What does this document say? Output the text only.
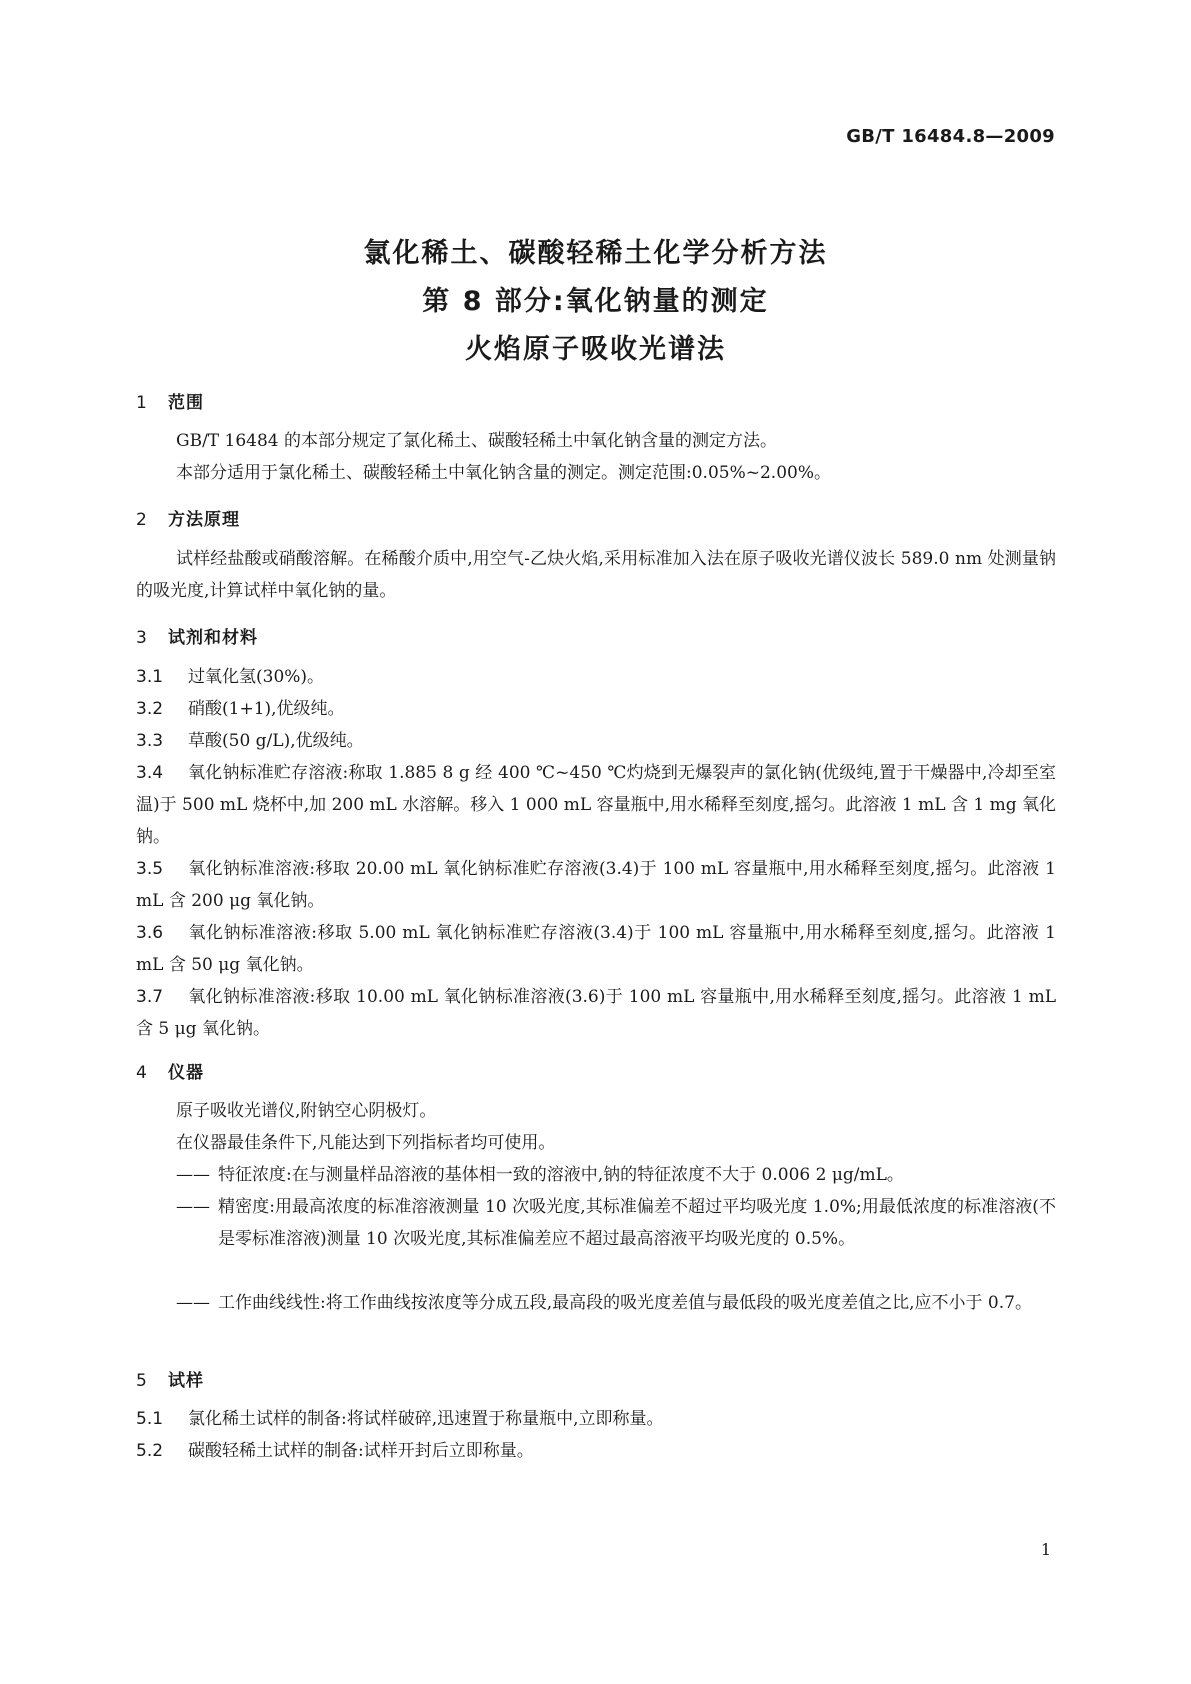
GB/T 16484.8—2009
氯化稀土、碳酸轻稀土化学分析方法
第 8 部分:氧化钠量的测定
火焰原子吸收光谱法
1 范围
GB/T 16484 的本部分规定了氯化稀土、碳酸轻稀土中氧化钠含量的测定方法。
本部分适用于氯化稀土、碳酸轻稀土中氧化钠含量的测定。测定范围:0.05%~2.00%。
2 方法原理
试样经盐酸或硝酸溶解。在稀酸介质中,用空气-乙炔火焰,采用标准加入法在原子吸收光谱仪波长 589.0 nm 处测量钠的吸光度,计算试样中氧化钠的量。
3 试剂和材料
3.1 过氧化氢(30%)。
3.2 硝酸(1+1),优级纯。
3.3 草酸(50 g/L),优级纯。
3.4 氧化钠标准贮存溶液:称取 1.885 8 g 经 400 ℃~450 ℃灼烧到无爆裂声的氯化钠(优级纯,置于干燥器中,冷却至室温)于 500 mL 烧杯中,加 200 mL 水溶解。移入 1 000 mL 容量瓶中,用水稀释至刻度,摇匀。此溶液 1 mL 含 1 mg 氧化钠。
3.5 氧化钠标准溶液:移取 20.00 mL 氧化钠标准贮存溶液(3.4)于 100 mL 容量瓶中,用水稀释至刻度,摇匀。此溶液 1 mL 含 200 μg 氧化钠。
3.6 氧化钠标准溶液:移取 5.00 mL 氧化钠标准贮存溶液(3.4)于 100 mL 容量瓶中,用水稀释至刻度,摇匀。此溶液 1 mL 含 50 μg 氧化钠。
3.7 氧化钠标准溶液:移取 10.00 mL 氧化钠标准溶液(3.6)于 100 mL 容量瓶中,用水稀释至刻度,摇匀。此溶液 1 mL 含 5 μg 氧化钠。
4 仪器
原子吸收光谱仪,附钠空心阴极灯。
在仪器最佳条件下,凡能达到下列指标者均可使用。
—— 特征浓度:在与测量样品溶液的基体相一致的溶液中,钠的特征浓度不大于 0.006 2 μg/mL。
—— 精密度:用最高浓度的标准溶液测量 10 次吸光度,其标准偏差不超过平均吸光度 1.0%;用最低浓度的标准溶液(不是零标准溶液)测量 10 次吸光度,其标准偏差应不超过最高溶液平均吸光度的 0.5%。
—— 工作曲线线性:将工作曲线按浓度等分成五段,最高段的吸光度差值与最低段的吸光度差值之比,应不小于 0.7。
5 试样
5.1 氯化稀土试样的制备:将试样破碎,迅速置于称量瓶中,立即称量。
5.2 碳酸轻稀土试样的制备:试样开封后立即称量。
1
